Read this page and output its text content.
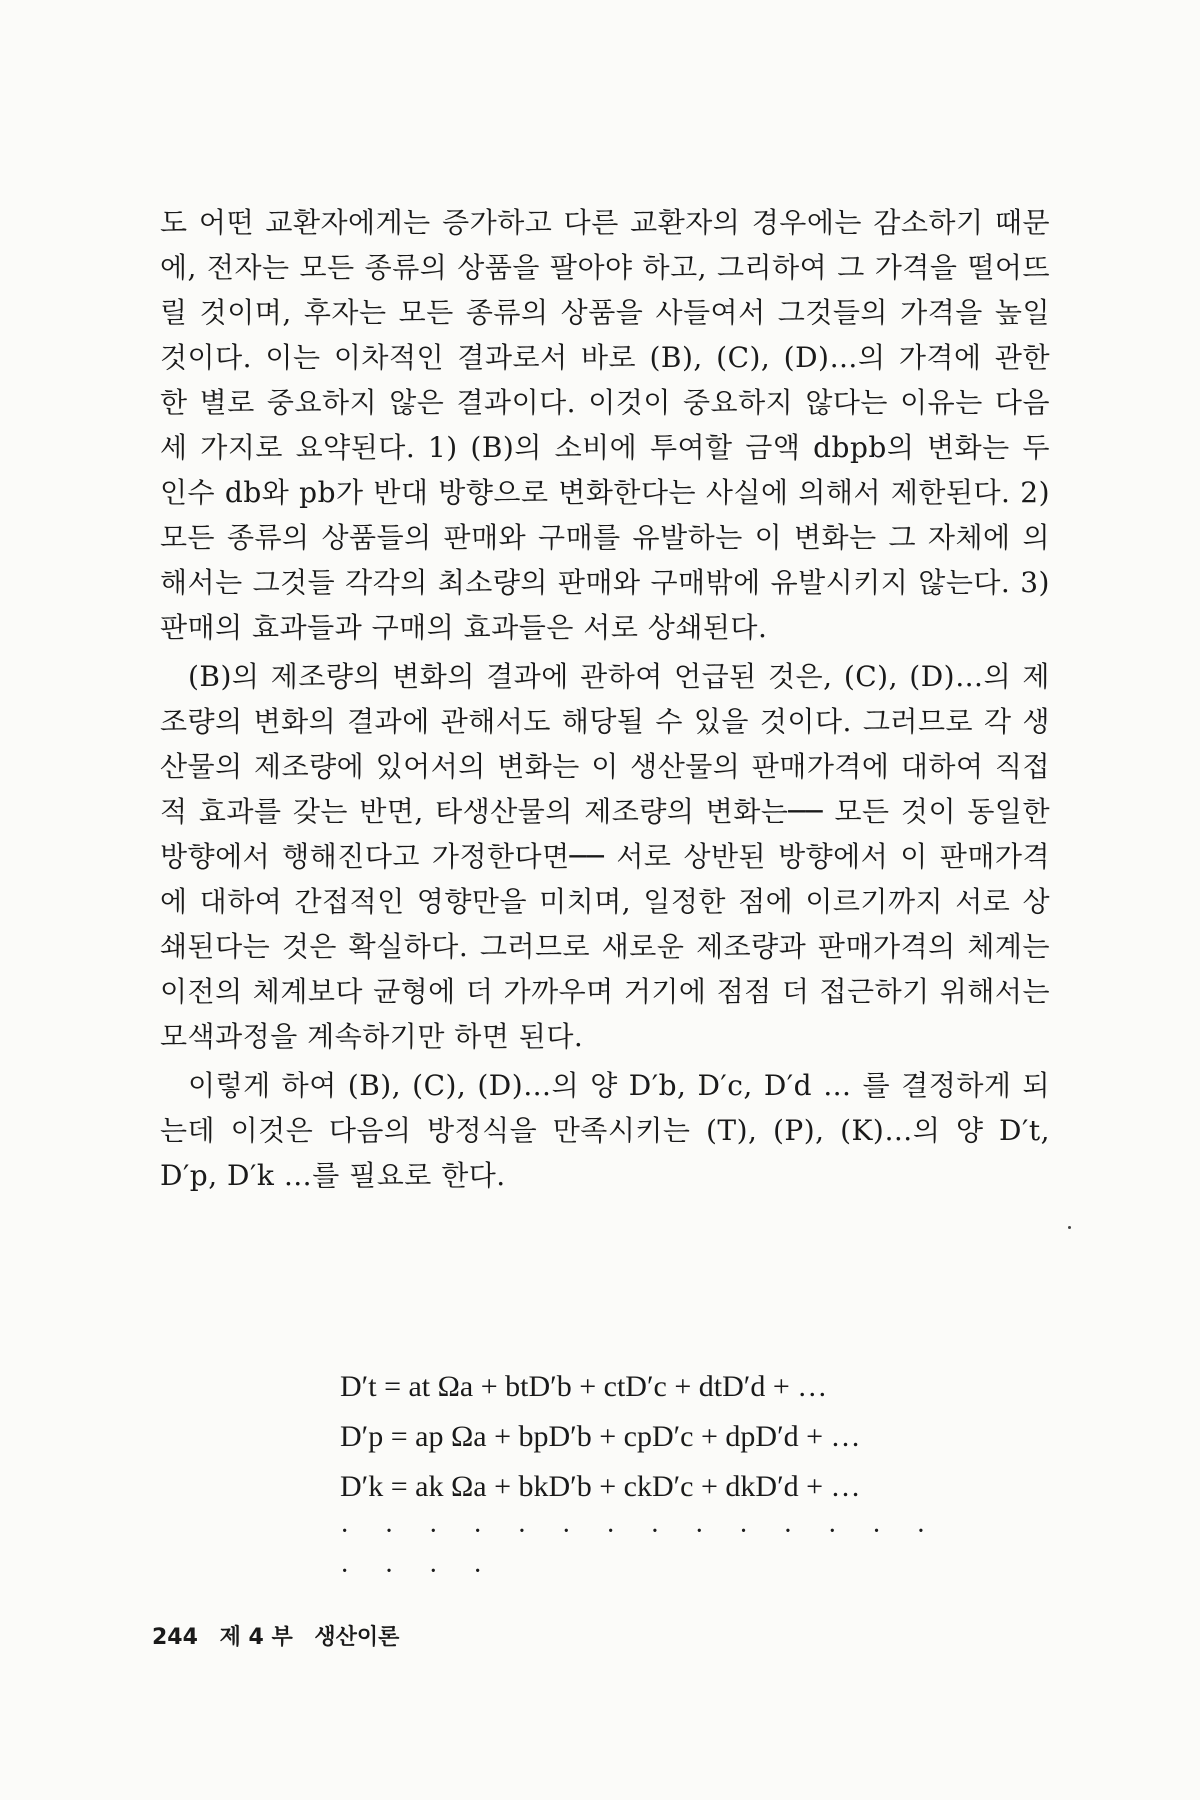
도 어떤 교환자에게는 증가하고 다른 교환자의 경우에는 감소하기 때문에, 전자는 모든 종류의 상품을 팔아야 하고, 그리하여 그 가격을 떨어뜨릴 것이며, 후자는 모든 종류의 상품을 사들여서 그것들의 가격을 높일 것이다. 이는 이차적인 결과로서 바로 (B), (C), (D)…의 가격에 관한 한 별로 중요하지 않은 결과이다. 이것이 중요하지 않다는 이유는 다음 세 가지로 요약된다. 1) (B)의 소비에 투여할 금액 dbpb의 변화는 두 인수 db와 pb가 반대 방향으로 변화한다는 사실에 의해서 제한된다. 2) 모든 종류의 상품들의 판매와 구매를 유발하는 이 변화는 그 자체에 의해서는 그것들 각각의 최소량의 판매와 구매밖에 유발시키지 않는다. 3) 판매의 효과들과 구매의 효과들은 서로 상쇄된다.

(B)의 제조량의 변화의 결과에 관하여 언급된 것은, (C), (D)…의 제조량의 변화의 결과에 관해서도 해당될 수 있을 것이다. 그러므로 각 생산물의 제조량에 있어서의 변화는 이 생산물의 판매가격에 대하여 직접적 효과를 갖는 반면, 타생산물의 제조량의 변화는── 모든 것이 동일한 방향에서 행해진다고 가정한다면── 서로 상반된 방향에서 이 판매가격에 대하여 간접적인 영향만을 미치며, 일정한 점에 이르기까지 서로 상쇄된다는 것은 확실하다. 그러므로 새로운 제조량과 판매가격의 체계는 이전의 체계보다 균형에 더 가까우며 거기에 점점 더 접근하기 위해서는 모색과정을 계속하기만 하면 된다.

이렇게 하여 (B), (C), (D)…의 양 D′b, D′c, D′d … 를 결정하게 되는데 이것은 다음의 방정식을 만족시키는 (T), (P), (K)…의 양 D′t, D′p, D′k …를 필요로 한다.

D′t = at Ωa + btD′b + ctD′c + dtD′d + …
D′p = ap Ωa + bpD′b + cpD′c + dpD′d + …
D′k = ak Ωa + bkD′b + ckD′c + dkD′d + …
· · · · · · · · · · · · · · · · · ·
244 제 4 부 생산이론
